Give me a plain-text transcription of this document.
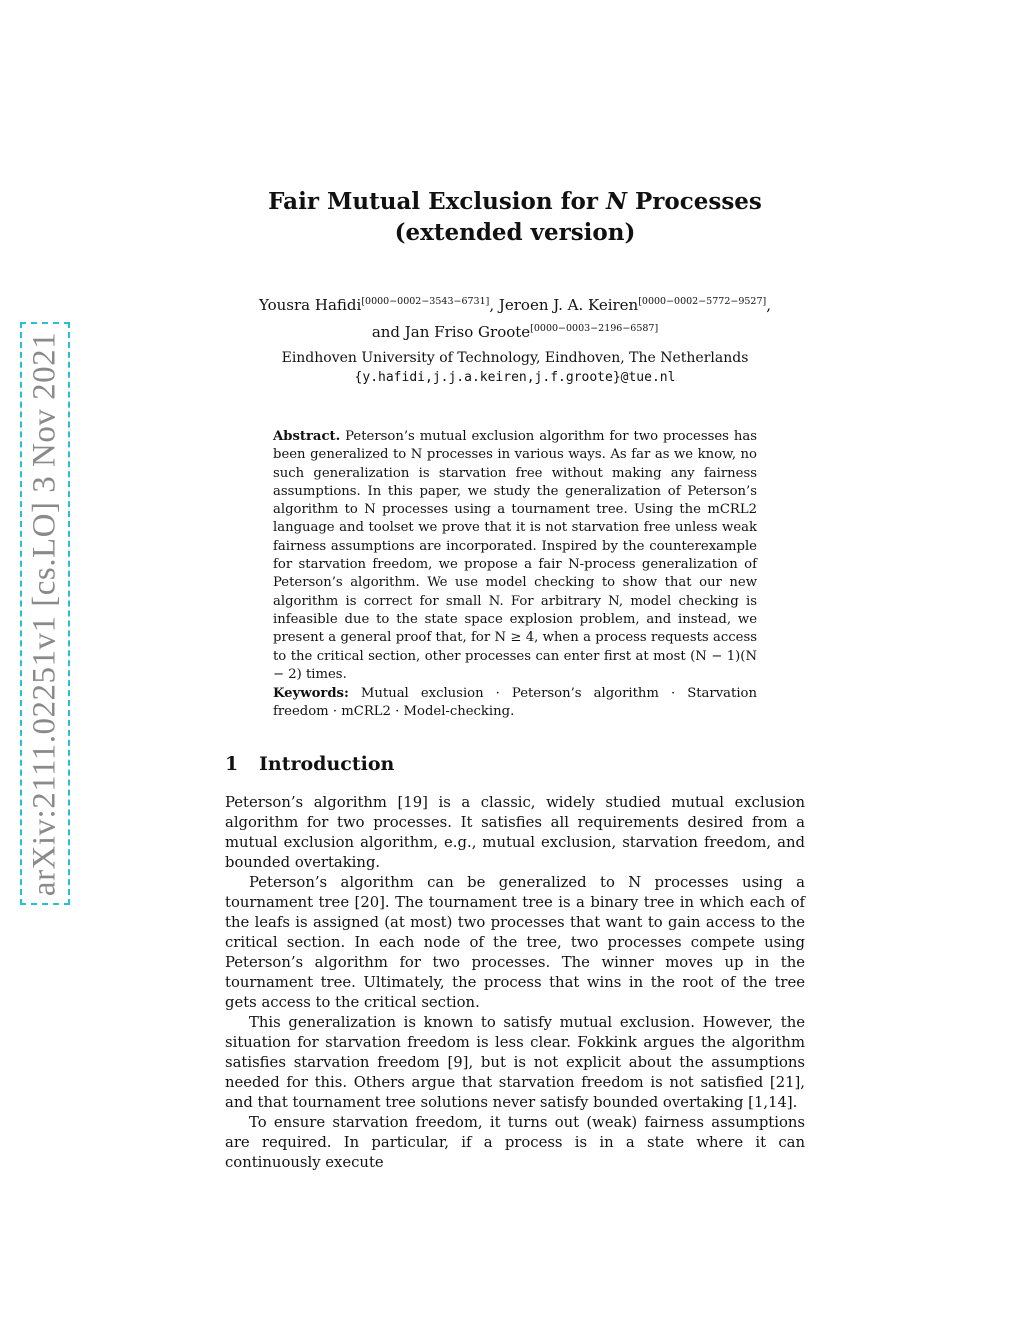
arXiv:2111.02251v1 [cs.LO] 3 Nov 2021
Fair Mutual Exclusion for N Processes
(extended version)
Yousra Hafidi[0000−0002−3543−6731], Jeroen J. A. Keiren[0000−0002−5772−9527],
and Jan Friso Groote[0000−0003−2196−6587]
Eindhoven University of Technology, Eindhoven, The Netherlands
{y.hafidi,j.j.a.keiren,j.f.groote}@tue.nl
Abstract. Peterson’s mutual exclusion algorithm for two processes has been generalized to N processes in various ways. As far as we know, no such generalization is starvation free without making any fairness assumptions. In this paper, we study the generalization of Peterson’s algorithm to N processes using a tournament tree. Using the mCRL2 language and toolset we prove that it is not starvation free unless weak fairness assumptions are incorporated. Inspired by the counterexample for starvation freedom, we propose a fair N-process generalization of Peterson’s algorithm. We use model checking to show that our new algorithm is correct for small N. For arbitrary N, model checking is infeasible due to the state space explosion problem, and instead, we present a general proof that, for N ≥ 4, when a process requests access to the critical section, other processes can enter first at most (N − 1)(N − 2) times.
Keywords: Mutual exclusion · Peterson’s algorithm · Starvation freedom · mCRL2 · Model-checking.
1 Introduction

Peterson’s algorithm [19] is a classic, widely studied mutual exclusion algorithm for two processes. It satisfies all requirements desired from a mutual exclusion algorithm, e.g., mutual exclusion, starvation freedom, and bounded overtaking.

Peterson’s algorithm can be generalized to N processes using a tournament tree [20]. The tournament tree is a binary tree in which each of the leafs is assigned (at most) two processes that want to gain access to the critical section. In each node of the tree, two processes compete using Peterson’s algorithm for two processes. The winner moves up in the tournament tree. Ultimately, the process that wins in the root of the tree gets access to the critical section.

This generalization is known to satisfy mutual exclusion. However, the situation for starvation freedom is less clear. Fokkink argues the algorithm satisfies starvation freedom [9], but is not explicit about the assumptions needed for this. Others argue that starvation freedom is not satisfied [21], and that tournament tree solutions never satisfy bounded overtaking [1,14].

To ensure starvation freedom, it turns out (weak) fairness assumptions are required. In particular, if a process is in a state where it can continuously execute
